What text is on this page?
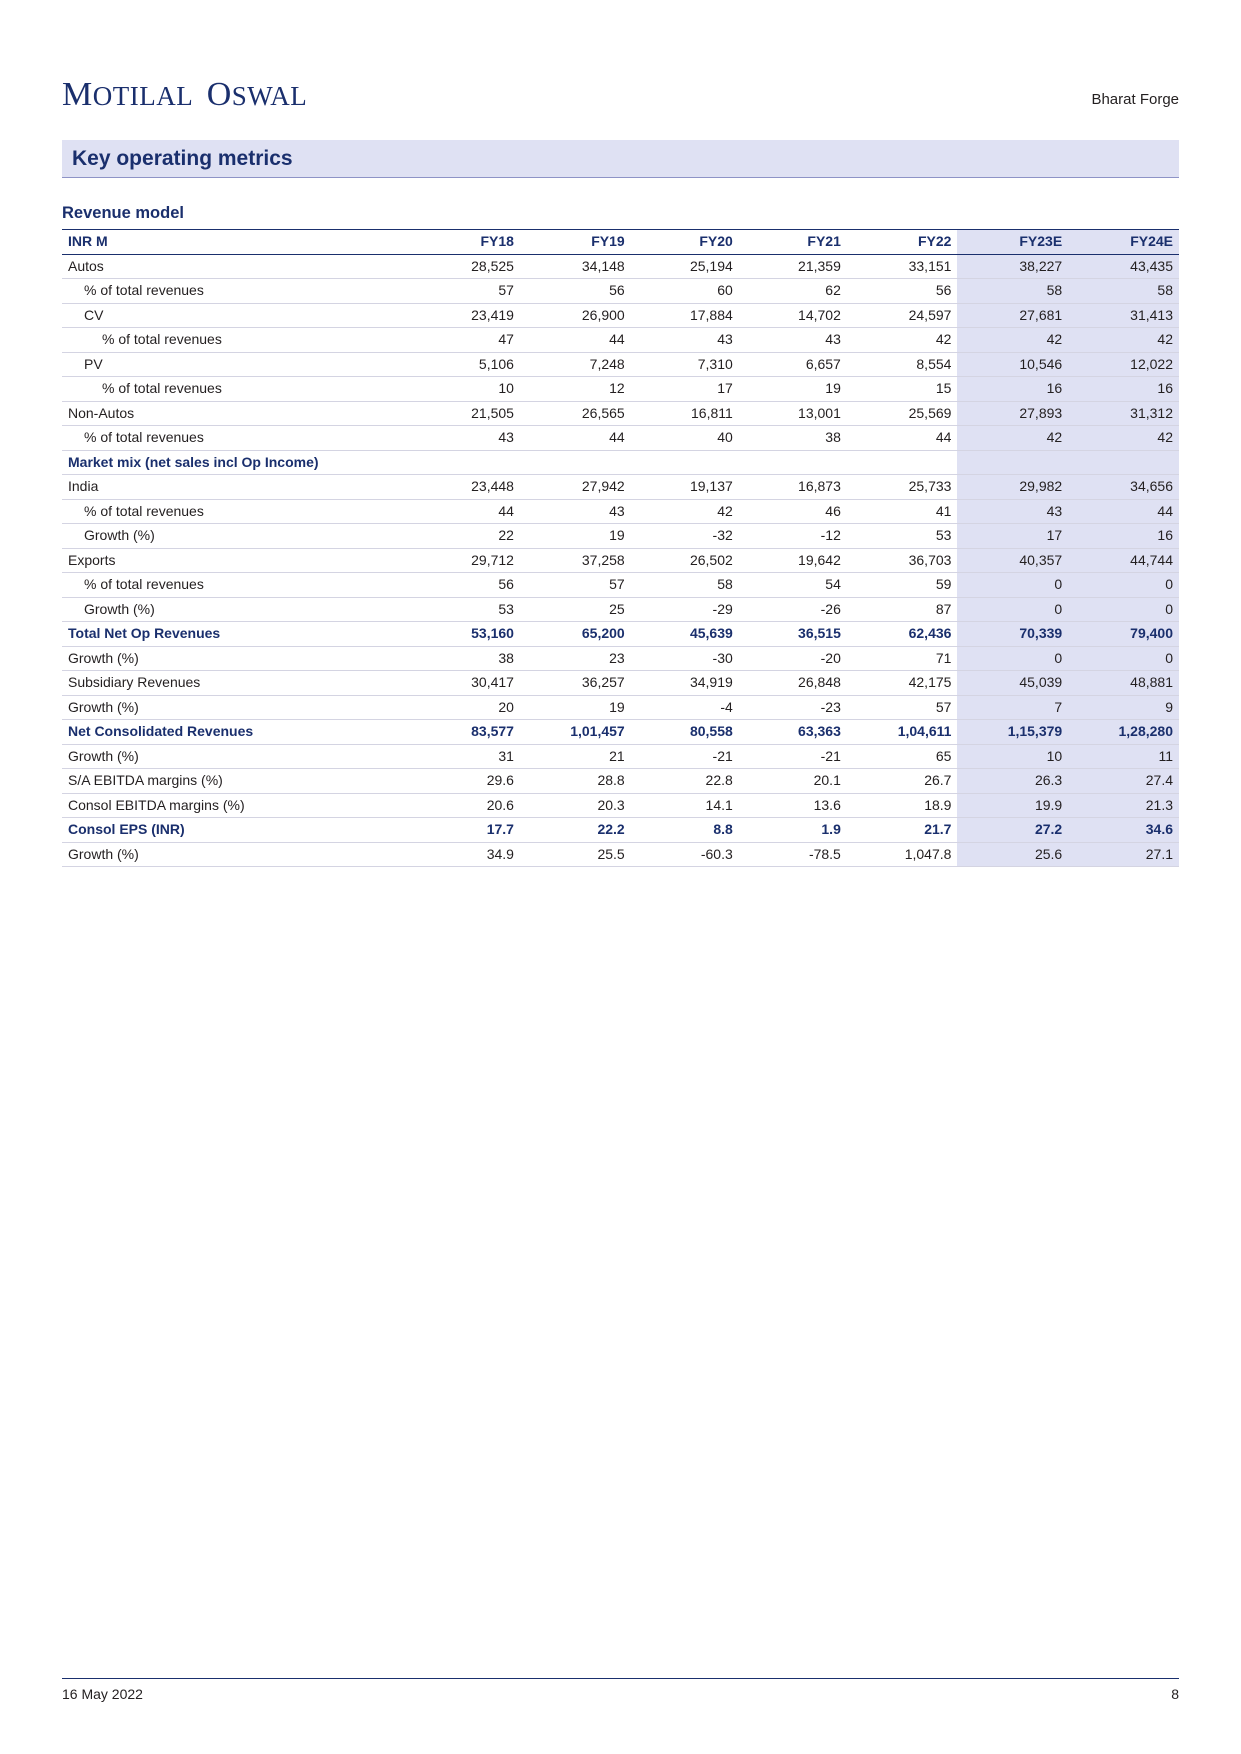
MOTILAL OSWAL	Bharat Forge
Key operating metrics
Revenue model
INR M	FY18	FY19	FY20	FY21	FY22	FY23E	FY24E
Autos	28,525	34,148	25,194	21,359	33,151	38,227	43,435
% of total revenues	57	56	60	62	56	58	58
CV	23,419	26,900	17,884	14,702	24,597	27,681	31,413
% of total revenues	47	44	43	43	42	42	42
PV	5,106	7,248	7,310	6,657	8,554	10,546	12,022
% of total revenues	10	12	17	19	15	16	16
Non-Autos	21,505	26,565	16,811	13,001	25,569	27,893	31,312
% of total revenues	43	44	40	38	44	42	42
Market mix (net sales incl Op Income)							
India	23,448	27,942	19,137	16,873	25,733	29,982	34,656
% of total revenues	44	43	42	46	41	43	44
Growth (%)	22	19	-32	-12	53	17	16
Exports	29,712	37,258	26,502	19,642	36,703	40,357	44,744
% of total revenues	56	57	58	54	59	0	0
Growth (%)	53	25	-29	-26	87	0	0
Total Net Op Revenues	53,160	65,200	45,639	36,515	62,436	70,339	79,400
Growth (%)	38	23	-30	-20	71	0	0
Subsidiary Revenues	30,417	36,257	34,919	26,848	42,175	45,039	48,881
Growth (%)	20	19	-4	-23	57	7	9
Net Consolidated Revenues	83,577	1,01,457	80,558	63,363	1,04,611	1,15,379	1,28,280
Growth (%)	31	21	-21	-21	65	10	11
S/A EBITDA margins (%)	29.6	28.8	22.8	20.1	26.7	26.3	27.4
Consol EBITDA margins (%)	20.6	20.3	14.1	13.6	18.9	19.9	21.3
Consol EPS (INR)	17.7	22.2	8.8	1.9	21.7	27.2	34.6
Growth (%)	34.9	25.5	-60.3	-78.5	1,047.8	25.6	27.1
16 May 2022	8
